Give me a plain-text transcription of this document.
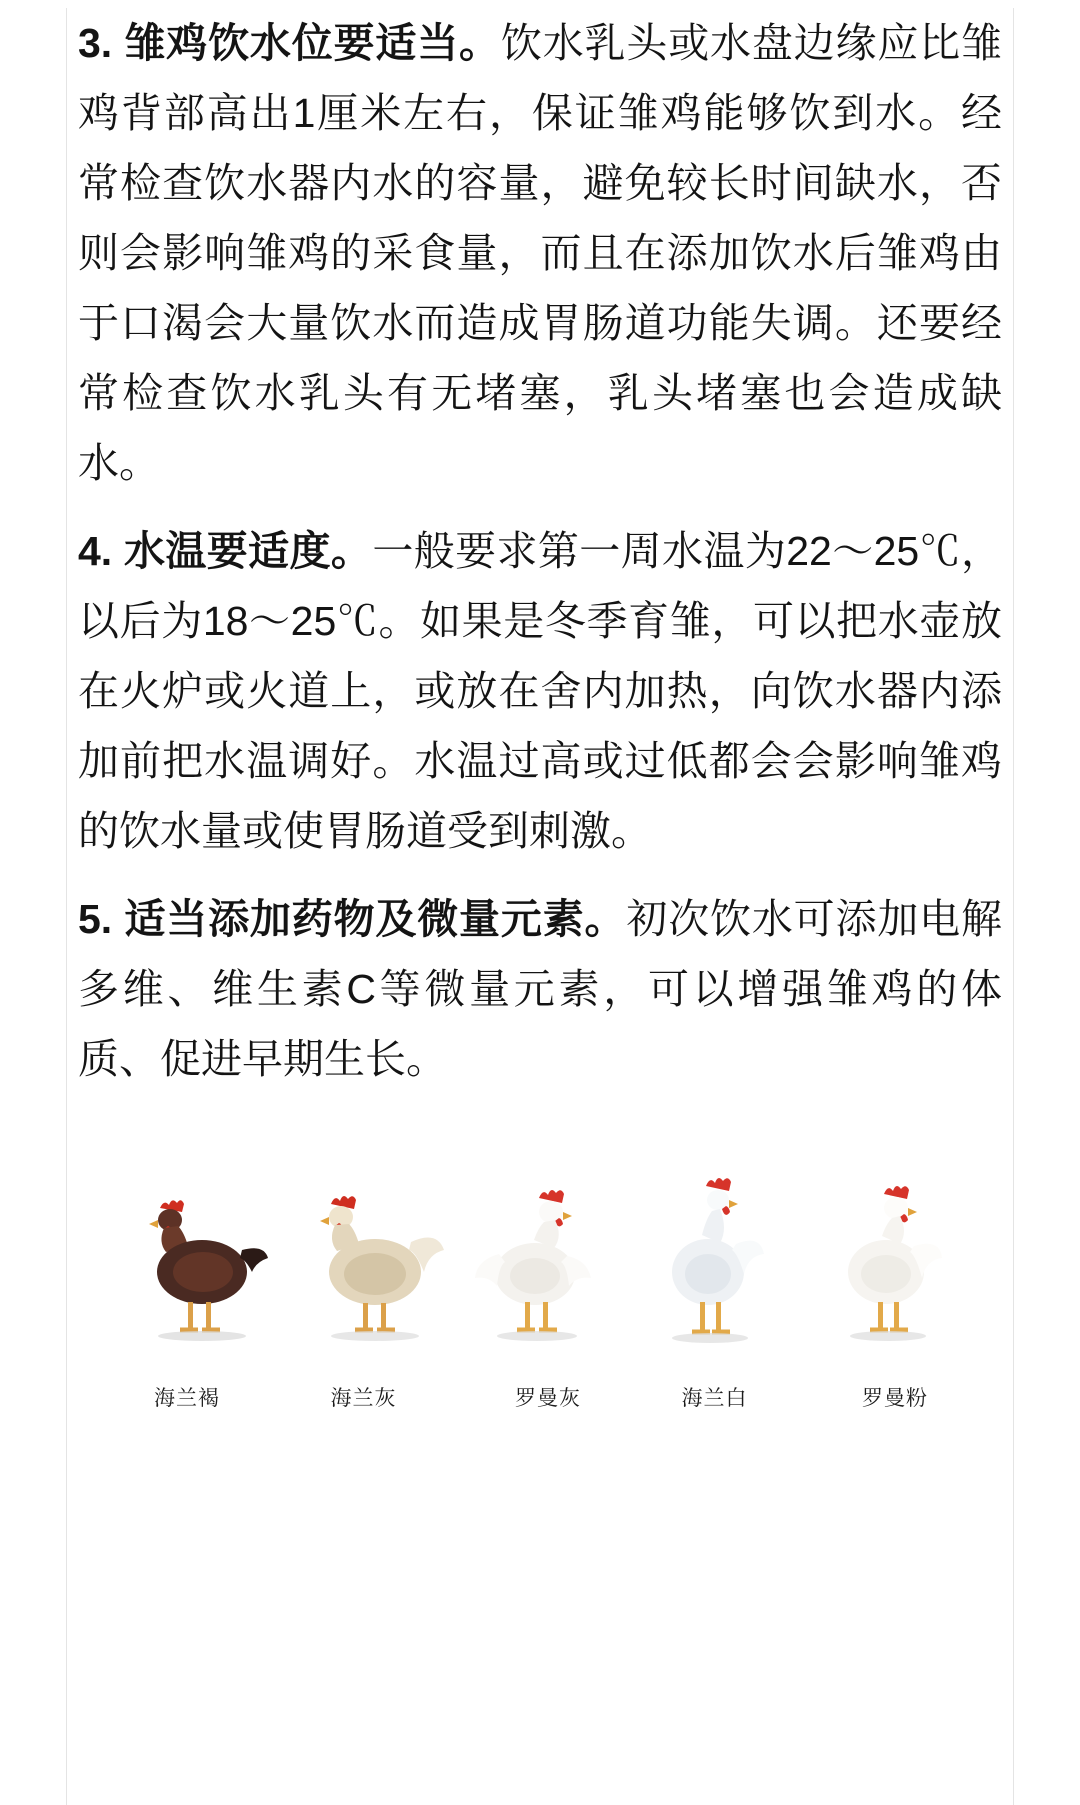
3. 雏鸡饮水位要适当。饮水乳头或水盘边缘应比雏鸡背部高出1厘米左右，保证雏鸡能够饮到水。经常检查饮水器内水的容量，避免较长时间缺水，否则会影响雏鸡的采食量，而且在添加饮水后雏鸡由于口渴会大量饮水而造成胃肠道功能失调。还要经常检查饮水乳头有无堵塞，乳头堵塞也会造成缺水。

4. 水温要适度。一般要求第一周水温为22～25℃，以后为18～25℃。如果是冬季育雏，可以把水壶放在火炉或火道上，或放在舍内加热，向饮水器内添加前把水温调好。水温过高或过低都会会影响雏鸡的饮水量或使胃肠道受到刺激。

5. 适当添加药物及微量元素。初次饮水可添加电解多维、维生素C等微量元素，可以增强雏鸡的体质、促进早期生长。

海兰褐	海兰灰	罗曼灰	海兰白	罗曼粉
